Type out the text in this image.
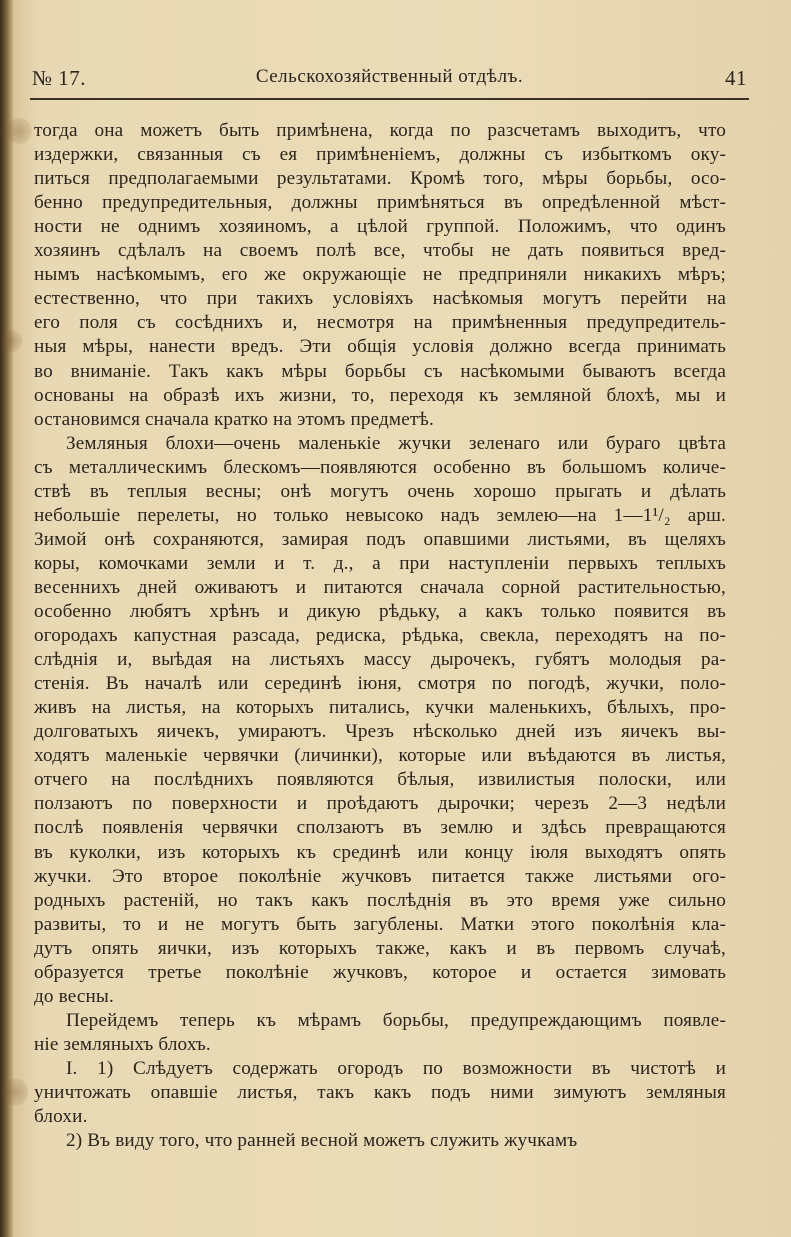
№ 17.	Сельскохозяйственный отдѣлъ.	41
тогда она можетъ быть примѣнена, когда по разсчетамъ выходитъ, что
издержки, связанныя съ ея примѣненіемъ, должны съ избыткомъ оку-
питься предполагаемыми результатами. Кромѣ того, мѣры борьбы, осо-
бенно предупредительныя, должны примѣняться въ опредѣленной мѣст-
ности не однимъ хозяиномъ, а цѣлой группой. Положимъ, что одинъ
хозяинъ сдѣлалъ на своемъ полѣ все, чтобы не дать появиться вред-
нымъ насѣкомымъ, его же окружающіе не предприняли никакихъ мѣръ;
естественно, что при такихъ условіяхъ насѣкомыя могутъ перейти на
его поля съ сосѣднихъ и, несмотря на примѣненныя предупредитель-
ныя мѣры, нанести вредъ. Эти общія условія должно всегда принимать
во вниманіе. Такъ какъ мѣры борьбы съ насѣкомыми бываютъ всегда
основаны на образѣ ихъ жизни, то, переходя къ земляной блохѣ, мы и
остановимся сначала кратко на этомъ предметѣ.
Земляныя блохи—очень маленькіе жучки зеленаго или бураго цвѣта
съ металлическимъ блескомъ—появляются особенно въ большомъ количе-
ствѣ въ теплыя весны; онѣ могутъ очень хорошо прыгать и дѣлать
небольшіе перелеты, но только невысоко надъ землею—на 1—1¹/₂ арш.
Зимой онѣ сохраняются, замирая подъ опавшими листьями, въ щеляхъ
коры, комочками земли и т. д., а при наступленіи первыхъ теплыхъ
весеннихъ дней оживаютъ и питаются сначала сорной растительностью,
особенно любятъ хрѣнъ и дикую рѣдьку, а какъ только появится въ
огородахъ капустная разсада, редиска, рѣдька, свекла, переходятъ на по-
слѣднія и, выѣдая на листьяхъ массу дырочекъ, губятъ молодыя ра-
стенія. Въ началѣ или серединѣ іюня, смотря по погодѣ, жучки, поло-
живъ на листья, на которыхъ питались, кучки маленькихъ, бѣлыхъ, про-
долговатыхъ яичекъ, умираютъ. Чрезъ нѣсколько дней изъ яичекъ вы-
ходятъ маленькіе червячки (личинки), которые или въѣдаются въ листья,
отчего на послѣднихъ появляются бѣлыя, извилистыя полоски, или
ползаютъ по поверхности и проѣдаютъ дырочки; черезъ 2—3 недѣли
послѣ появленія червячки сползаютъ въ землю и здѣсь превращаются
въ куколки, изъ которыхъ къ срединѣ или концу іюля выходятъ опять
жучки. Это второе поколѣніе жучковъ питается также листьями ого-
родныхъ растеній, но такъ какъ послѣднія въ это время уже сильно
развиты, то и не могутъ быть загублены. Матки этого поколѣнія кла-
дутъ опять яички, изъ которыхъ также, какъ и въ первомъ случаѣ,
образуется третье поколѣніе жучковъ, которое и остается зимовать
до весны.
Перейдемъ теперь къ мѣрамъ борьбы, предупреждающимъ появле-
ніе земляныхъ блохъ.
I. 1) Слѣдуетъ содержать огородъ по возможности въ чистотѣ и
уничтожать опавшіе листья, такъ какъ подъ ними зимуютъ земляныя
блохи.
2) Въ виду того, что ранней весной можетъ служить жучкамъ
